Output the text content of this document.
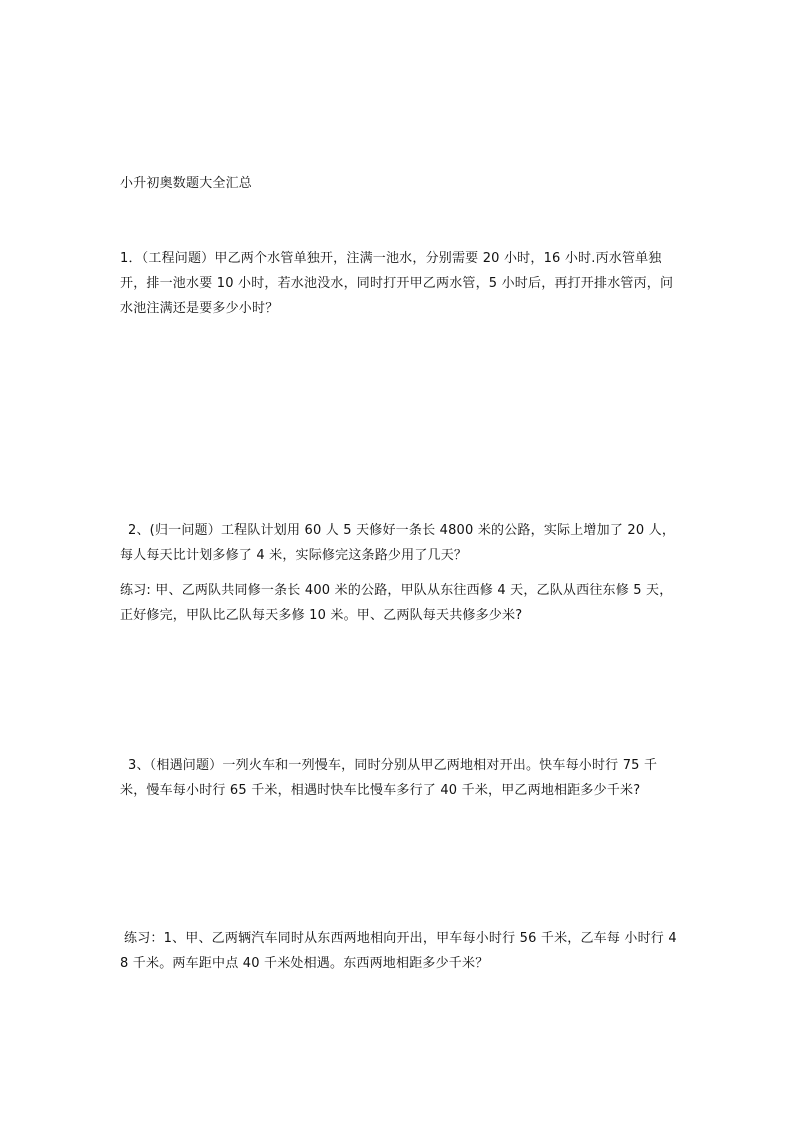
小升初奥数题大全汇总
1．（工程问题）甲乙两个水管单独开，注满一池水，分别需要 20 小时，16 小时.丙水管单独开，排一池水要 10 小时，若水池没水，同时打开甲乙两水管，5 小时后，再打开排水管丙，问水池注满还是要多少小时？
2、(归一问题）工程队计划用 60 人 5 天修好一条长 4800 米的公路，实际上增加了 20 人，每人每天比计划多修了 4 米，实际修完这条路少用了几天？
练习: 甲、乙两队共同修一条长 400 米的公路，甲队从东往西修 4 天，乙队从西往东修 5 天，正好修完，甲队比乙队每天多修 10 米。甲、乙两队每天共修多少米?
3、（相遇问题）一列火车和一列慢车，同时分别从甲乙两地相对开出。快车每小时行 75 千米，慢车每小时行 65 千米，相遇时快车比慢车多行了 40 千米，甲乙两地相距多少千米?
练习：1、甲、乙两辆汽车同时从东西两地相向开出，甲车每小时行 56 千米，乙车每 小时行 48 千米。两车距中点 40 千米处相遇。东西两地相距多少千米？
